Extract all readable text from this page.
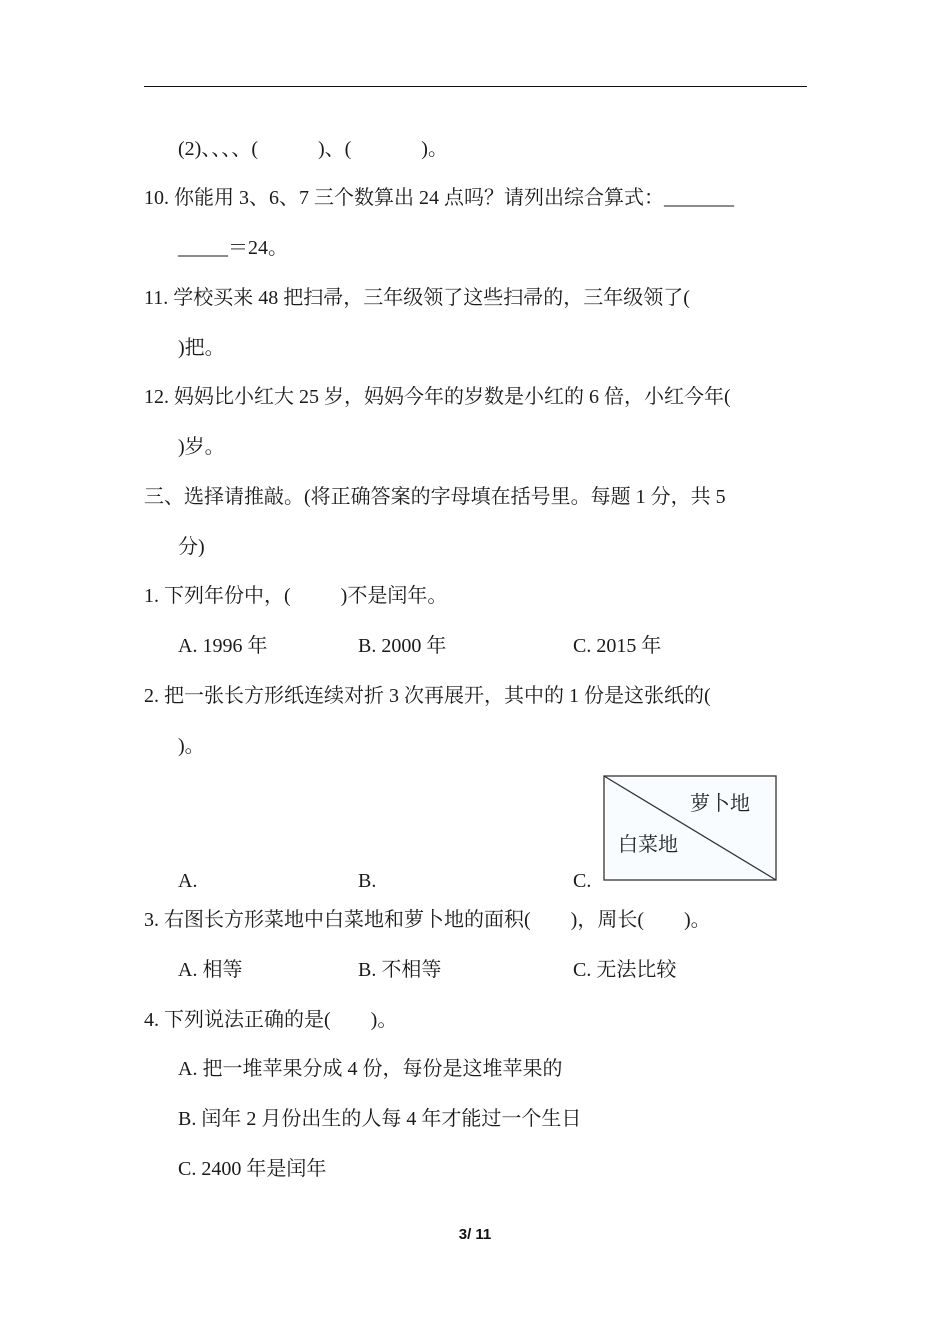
(2)、、、、(            )、(              )。
10. 你能用 3、6、7 三个数算出 24 点吗？请列出综合算式：_______
_____＝24。
11. 学校买来 48 把扫帚，三年级领了这些扫帚的，三年级领了(
)把。
12. 妈妈比小红大 25 岁，妈妈今年的岁数是小红的 6 倍，小红今年(
)岁。
三、选择请推敲。(将正确答案的字母填在括号里。每题 1 分，共 5
分)
1. 下列年份中，(          )不是闰年。
A. 1996 年	B. 2000 年	C. 2015 年
2. 把一张长方形纸连续对折 3 次再展开，其中的 1 份是这张纸的(
)。
萝卜地
白菜地
A.	B.	C.
3. 右图长方形菜地中白菜地和萝卜地的面积(        )，周长(        )。
A. 相等	B. 不相等	C. 无法比较
4. 下列说法正确的是(        )。
A. 把一堆苹果分成 4 份，每份是这堆苹果的
B. 闰年 2 月份出生的人每 4 年才能过一个生日
C. 2400 年是闰年
3/ 11
